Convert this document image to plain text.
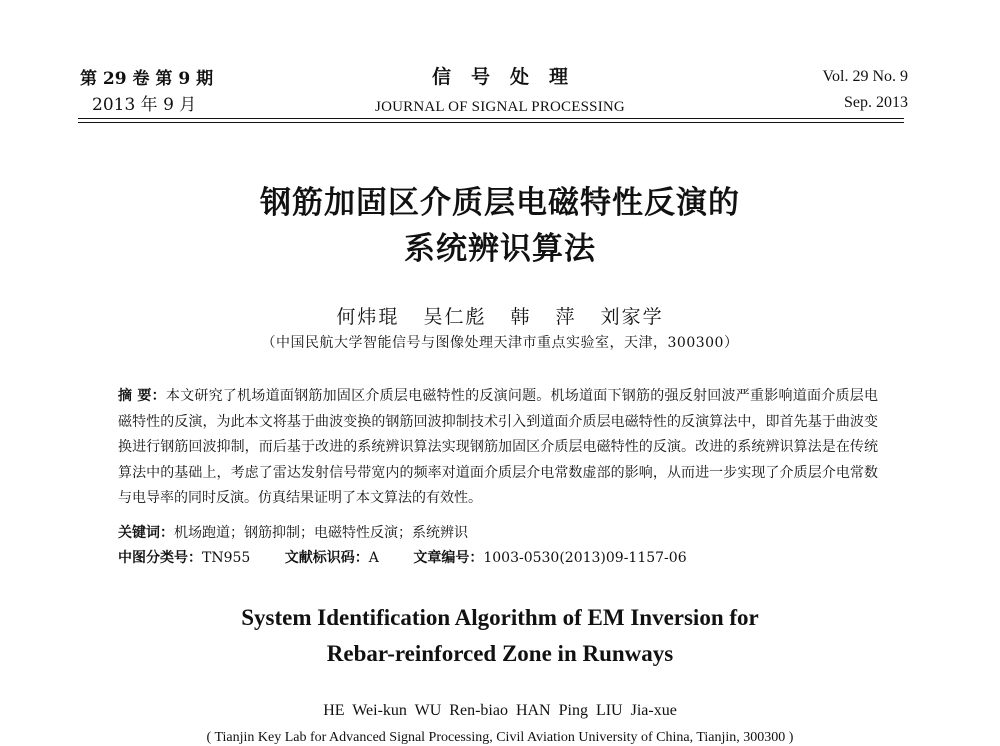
第 29 卷 第 9 期
2013 年 9 月
信号处理
JOURNAL OF SIGNAL PROCESSING
Vol. 29 No. 9
Sep. 2013
钢筋加固区介质层电磁特性反演的
系统辨识算法
何炜琨 吴仁彪 韩 萍 刘家学
（中国民航大学智能信号与图像处理天津市重点实验室，天津，300300）
摘 要：本文研究了机场道面钢筋加固区介质层电磁特性的反演问题。机场道面下钢筋的强反射回波严重影响道面介质层电磁特性的反演，为此本文将基于曲波变换的钢筋回波抑制技术引入到道面介质层电磁特性的反演算法中，即首先基于曲波变换进行钢筋回波抑制，而后基于改进的系统辨识算法实现钢筋加固区介质层电磁特性的反演。改进的系统辨识算法是在传统算法中的基础上，考虑了雷达发射信号带宽内的频率对道面介质层介电常数虚部的影响，从而进一步实现了介质层介电常数与电导率的同时反演。仿真结果证明了本文算法的有效性。
关键词：机场跑道；钢筋抑制；电磁特性反演；系统辨识
中图分类号：TN955 文献标识码：A 文章编号：1003-0530(2013)09-1157-06
System Identification Algorithm of EM Inversion for
Rebar-reinforced Zone in Runways
HE Wei-kun WU Ren-biao HAN Ping LIU Jia-xue
( Tianjin Key Lab for Advanced Signal Processing, Civil Aviation University of China, Tianjin, 300300 )
